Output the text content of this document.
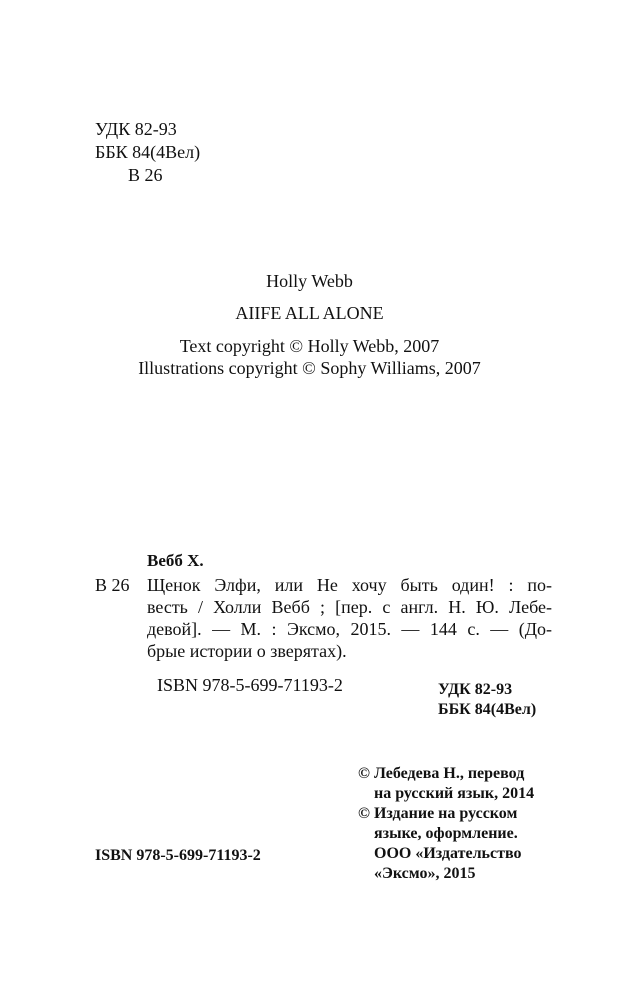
УДК 82-93
ББК 84(4Вел)
В 26
Holly Webb
AIIFE ALL ALONE
Text copyright © Holly Webb, 2007
Illustrations copyright © Sophy Williams, 2007
Вебб Х.
В 26 Щенок Элфи, или Не хочу быть один! : по-
весть / Холли Вебб ; [пер. с англ. Н. Ю. Лебе-
девой]. — М. : Эксмо, 2015. — 144 с. — (До-
брые истории о зверятах).
ISBN 978-5-699-71193-2	УДК 82-93
ББК 84(4Вел)
© Лебедева Н., перевод
на русский язык, 2014
© Издание на русском
языке, оформление.
ООО «Издательство
«Эксмо», 2015
ISBN 978-5-699-71193-2
